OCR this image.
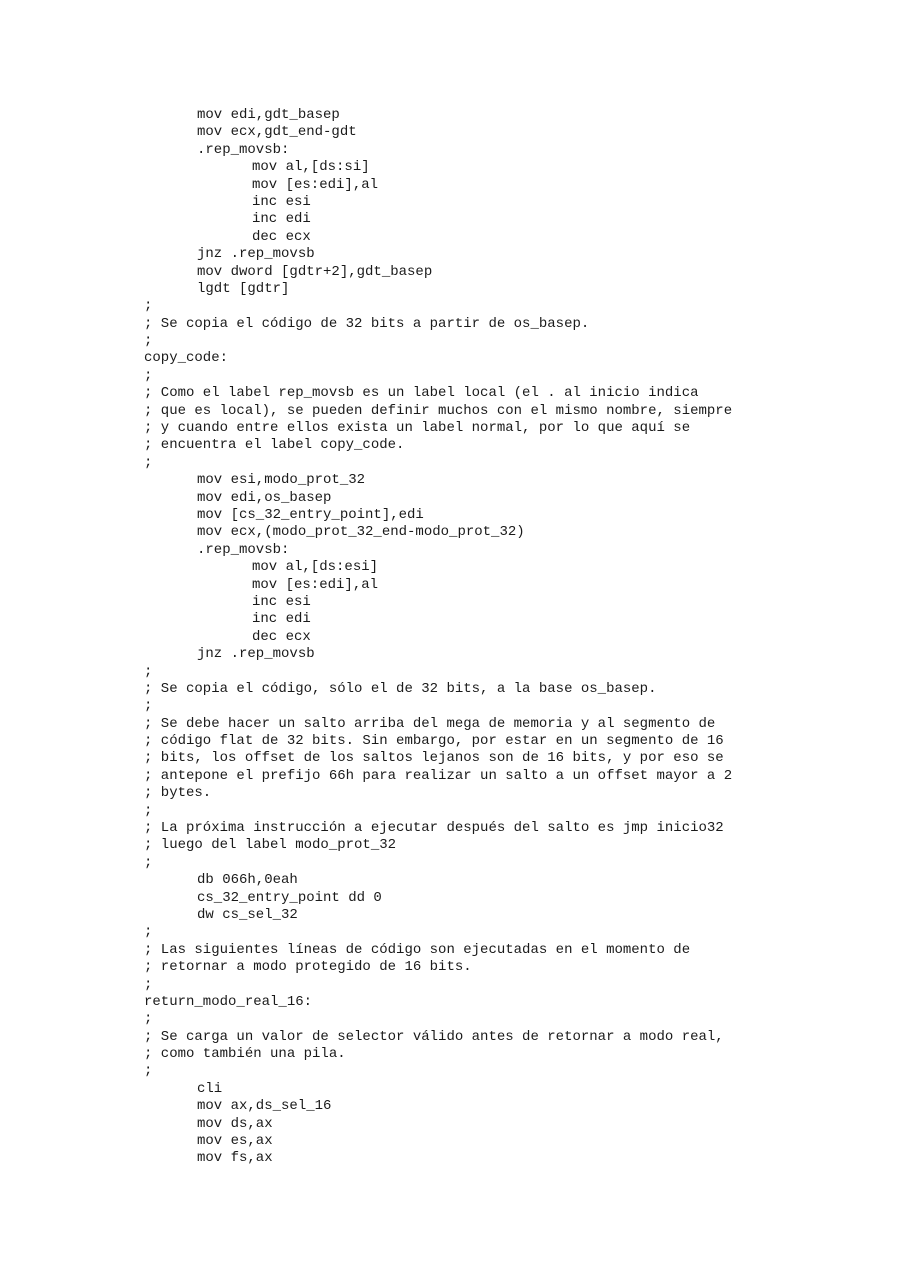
mov edi,gdt_basep
mov ecx,gdt_end-gdt
.rep_movsb:
mov al,[ds:si]
mov [es:edi],al
inc esi
inc edi
dec ecx
jnz .rep_movsb
mov dword [gdtr+2],gdt_basep
lgdt [gdtr]
;
; Se copia el código de 32 bits a partir de os_basep.
;
copy_code:
;
; Como el label rep_movsb es un label local (el . al inicio indica
; que es local), se pueden definir muchos con el mismo nombre, siempre
; y cuando entre ellos exista un label normal, por lo que aquí se
; encuentra el label copy_code.
;
mov esi,modo_prot_32
mov edi,os_basep
mov [cs_32_entry_point],edi
mov ecx,(modo_prot_32_end-modo_prot_32)
.rep_movsb:
mov al,[ds:esi]
mov [es:edi],al
inc esi
inc edi
dec ecx
jnz .rep_movsb
;
; Se copia el código, sólo el de 32 bits, a la base os_basep.
;
; Se debe hacer un salto arriba del mega de memoria y al segmento de
; código flat de 32 bits. Sin embargo, por estar en un segmento de 16
; bits, los offset de los saltos lejanos son de 16 bits, y por eso se
; antepone el prefijo 66h para realizar un salto a un offset mayor a 2
; bytes.
;
; La próxima instrucción a ejecutar después del salto es jmp inicio32
; luego del label modo_prot_32
;
db 066h,0eah
cs_32_entry_point dd 0
dw cs_sel_32
;
; Las siguientes líneas de código son ejecutadas en el momento de
; retornar a modo protegido de 16 bits.
;
return_modo_real_16:
;
; Se carga un valor de selector válido antes de retornar a modo real,
; como también una pila.
;
cli
mov ax,ds_sel_16
mov ds,ax
mov es,ax
mov fs,ax
